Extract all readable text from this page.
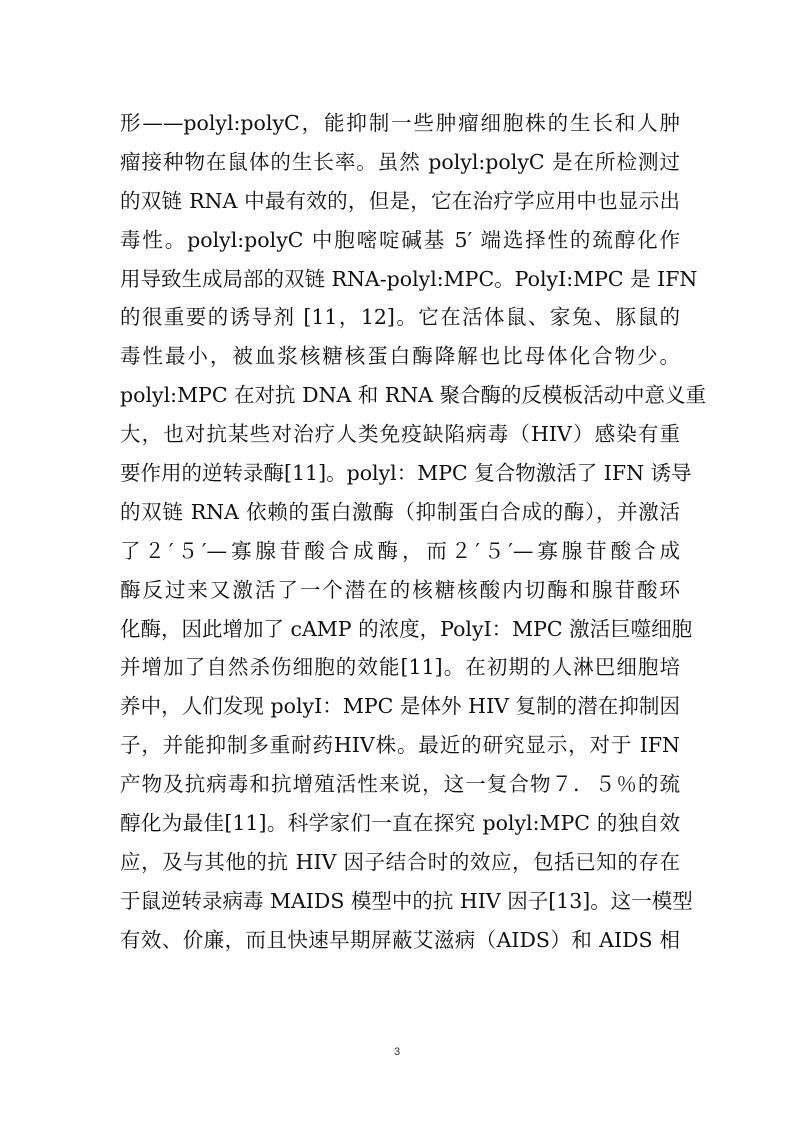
形——polyl:polyC，能抑制一些肿瘤细胞株的生长和人肿
瘤接种物在鼠体的生长率。虽然 polyl:polyC 是在所检测过
的双链 RNA 中最有效的，但是，它在治疗学应用中也显示出
毒性。polyl:polyC 中胞嘧啶碱基 5′ 端选择性的巯醇化作
用导致生成局部的双链 RNA-polyl:MPC。PolyI:MPC 是 IFN
的很重要的诱导剂 [11，12]。它在活体鼠、家兔、豚鼠的
毒性最小，被血浆核糖核蛋白酶降解也比母体化合物少。
polyl:MPC 在对抗 DNA 和 RNA 聚合酶的反模板活动中意义重
大，也对抗某些对治疗人类免疫缺陷病毒（HIV）感染有重
要作用的逆转录酶[11]。polyl：MPC 复合物激活了 IFN 诱导
的双链 RNA 依赖的蛋白激酶（抑制蛋白合成的酶），并激活
了２′５′—寡腺苷酸合成酶，而２′５′—寡腺苷酸合成
酶反过来又激活了一个潜在的核糖核酸内切酶和腺苷酸环
化酶，因此增加了 cAMP 的浓度，PolyI：MPC 激活巨噬细胞
并增加了自然杀伤细胞的效能[11]。在初期的人淋巴细胞培
养中，人们发现 polyI：MPC 是体外 HIV 复制的潜在抑制因
子，并能抑制多重耐药HIV株。最近的研究显示，对于 IFN
产物及抗病毒和抗增殖活性来说，这一复合物７．５％的巯
醇化为最佳[11]。科学家们一直在探究 polyl:MPC 的独自效
应，及与其他的抗 HIV 因子结合时的效应，包括已知的存在
于鼠逆转录病毒 MAIDS 模型中的抗 HIV 因子[13]。这一模型
有效、价廉，而且快速早期屏蔽艾滋病（AIDS）和 AIDS 相
3
